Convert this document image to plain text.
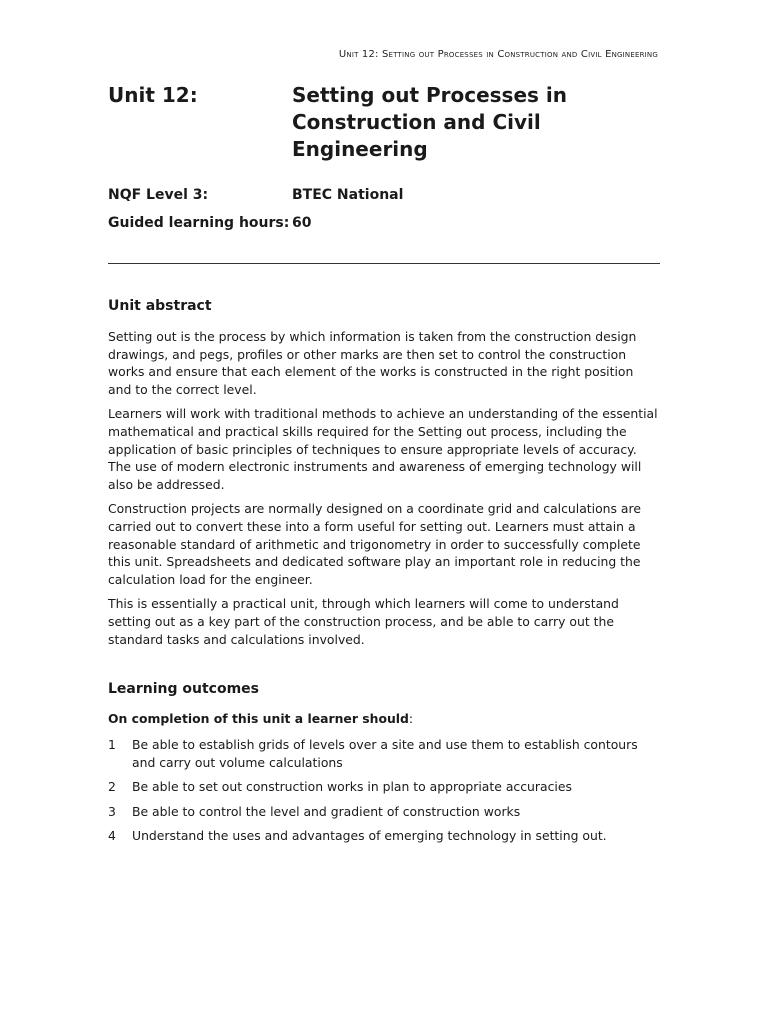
Unit 12: Setting out Processes in Construction and Civil Engineering
Unit 12:	Setting out Processes in Construction and Civil Engineering
NQF Level 3:	BTEC National
Guided learning hours: 60
Unit abstract

Setting out is the process by which information is taken from the construction design drawings, and pegs, profiles or other marks are then set to control the construction works and ensure that each element of the works is constructed in the right position and to the correct level.

Learners will work with traditional methods to achieve an understanding of the essential mathematical and practical skills required for the Setting out process, including the application of basic principles of techniques to ensure appropriate levels of accuracy. The use of modern electronic instruments and awareness of emerging technology will also be addressed.

Construction projects are normally designed on a coordinate grid and calculations are carried out to convert these into a form useful for setting out. Learners must attain a reasonable standard of arithmetic and trigonometry in order to successfully complete this unit. Spreadsheets and dedicated software play an important role in reducing the calculation load for the engineer.

This is essentially a practical unit, through which learners will come to understand setting out as a key part of the construction process, and be able to carry out the standard tasks and calculations involved.

Learning outcomes
On completion of this unit a learner should:
1 Be able to establish grids of levels over a site and use them to establish contours and carry out volume calculations
2 Be able to set out construction works in plan to appropriate accuracies
3 Be able to control the level and gradient of construction works
4 Understand the uses and advantages of emerging technology in setting out.
